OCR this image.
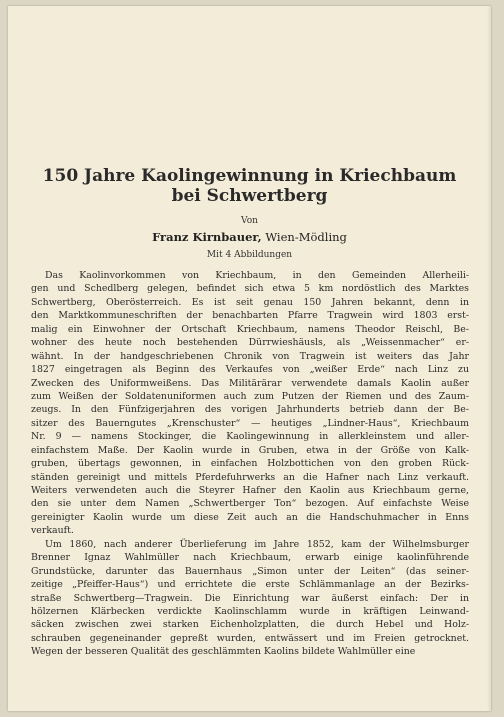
150 Jahre Kaolingewinnung in Kriechbaum
bei Schwertberg
Von
Franz Kirnbauer, Wien-Mödling
Mit 4 Abbildungen
Das Kaolinvorkommen von Kriechbaum, in den Gemeinden Allerheili-
gen und Schedlberg gelegen, befindet sich etwa 5 km nordöstlich des Marktes
Schwertberg, Oberösterreich. Es ist seit genau 150 Jahren bekannt, denn in
den Marktkommuneschriften der benachbarten Pfarre Tragwein wird 1803 erst-
malig ein Einwohner der Ortschaft Kriechbaum, namens Theodor Reischl, Be-
wohner des heute noch bestehenden Dürrwieshäusls, als „Weissenmacher“ er-
wähnt. In der handgeschriebenen Chronik von Tragwein ist weiters das Jahr
1827 eingetragen als Beginn des Verkaufes von „weißer Erde“ nach Linz zu
Zwecken des Uniformweißens. Das Militärärar verwendete damals Kaolin außer
zum Weißen der Soldatenuniformen auch zum Putzen der Riemen und des Zaum-
zeugs. In den Fünfzigerjahren des vorigen Jahrhunderts betrieb dann der Be-
sitzer des Bauerngutes „Krenschuster“ — heutiges „Lindner-Haus“, Kriechbaum
Nr. 9 — namens Stockinger, die Kaolingewinnung in allerkleinstem und aller-
einfachstem Maße. Der Kaolin wurde in Gruben, etwa in der Größe von Kalk-
gruben, übertags gewonnen, in einfachen Holzbottichen von den groben Rück-
ständen gereinigt und mittels Pferdefuhrwerks an die Hafner nach Linz verkauft.
Weiters verwendeten auch die Steyrer Hafner den Kaolin aus Kriechbaum gerne,
den sie unter dem Namen „Schwertberger Ton“ bezogen. Auf einfachste Weise
gereinigter Kaolin wurde um diese Zeit auch an die Handschuhmacher in Enns
verkauft.
Um 1860, nach anderer Überlieferung im Jahre 1852, kam der Wilhelmsburger
Brenner Ignaz Wahlmüller nach Kriechbaum, erwarb einige kaolinführende
Grundstücke, darunter das Bauernhaus „Simon unter der Leiten“ (das seiner-
zeitige „Pfeiffer-Haus“) und errichtete die erste Schlämmanlage an der Bezirks-
straße Schwertberg—Tragwein. Die Einrichtung war äußerst einfach: Der in
hölzernen Klärbecken verdickte Kaolinschlamm wurde in kräftigen Leinwand-
säcken zwischen zwei starken Eichenholzplatten, die durch Hebel und Holz-
schrauben gegeneinander gepreßt wurden, entwässert und im Freien getrocknet.
Wegen der besseren Qualität des geschlämmten Kaolins bildete Wahlmüller eine
